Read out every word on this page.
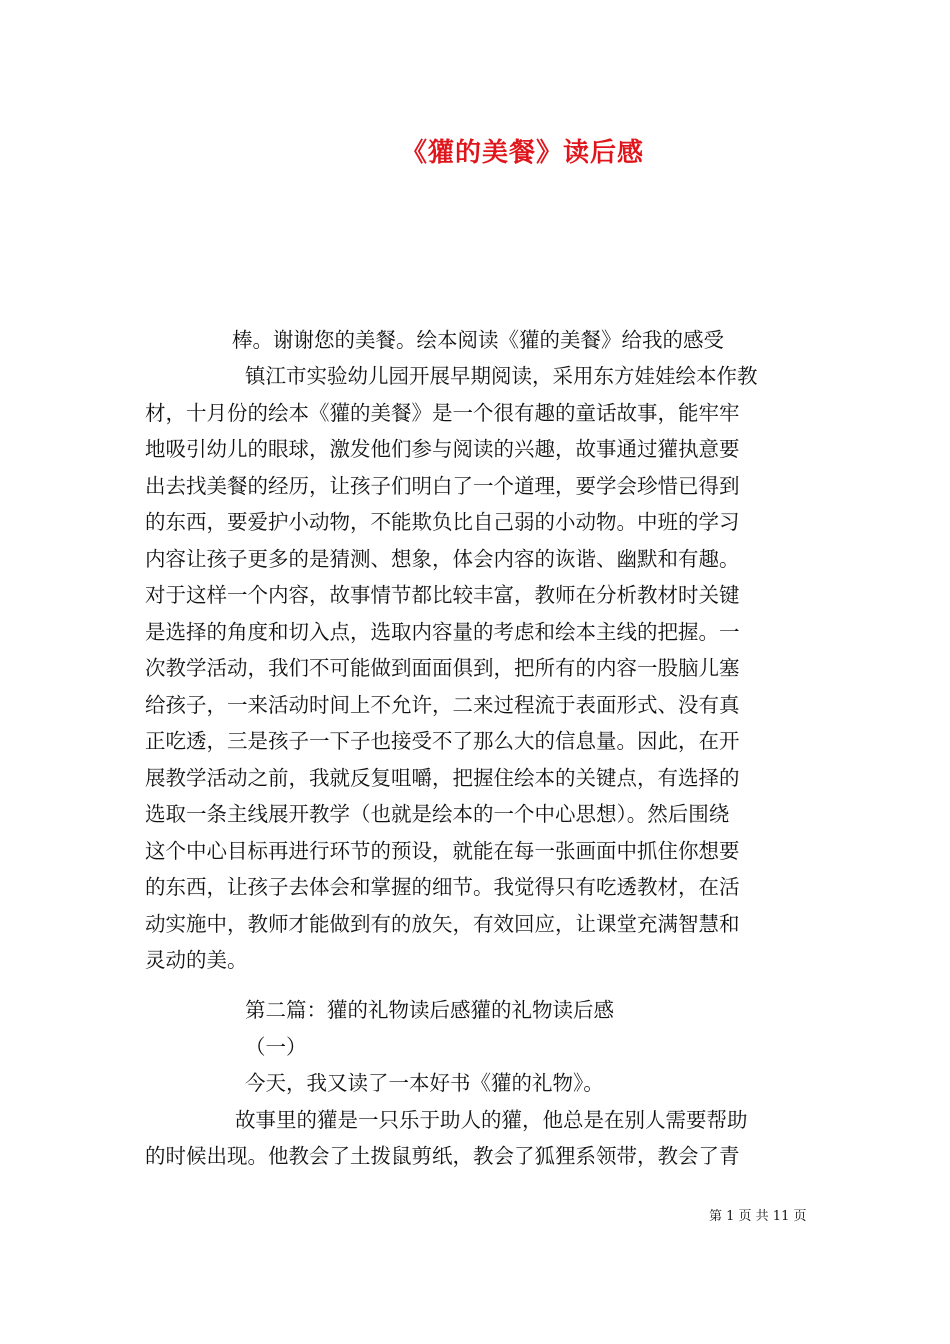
《獾的美餐》读后感
棒。谢谢您的美餐。绘本阅读《獾的美餐》给我的感受
镇江市实验幼儿园开展早期阅读，采用东方娃娃绘本作教
材，十月份的绘本《獾的美餐》是一个很有趣的童话故事，能牢牢
地吸引幼儿的眼球，激发他们参与阅读的兴趣，故事通过獾执意要
出去找美餐的经历，让孩子们明白了一个道理，要学会珍惜已得到
的东西，要爱护小动物，不能欺负比自己弱的小动物。中班的学习
内容让孩子更多的是猜测、想象，体会内容的诙谐、幽默和有趣。
对于这样一个内容，故事情节都比较丰富，教师在分析教材时关键
是选择的角度和切入点，选取内容量的考虑和绘本主线的把握。一
次教学活动，我们不可能做到面面俱到，把所有的内容一股脑儿塞
给孩子，一来活动时间上不允许，二来过程流于表面形式、没有真
正吃透，三是孩子一下子也接受不了那么大的信息量。因此，在开
展教学活动之前，我就反复咀嚼，把握住绘本的关键点，有选择的
选取一条主线展开教学（也就是绘本的一个中心思想）。然后围绕
这个中心目标再进行环节的预设，就能在每一张画面中抓住你想要
的东西，让孩子去体会和掌握的细节。我觉得只有吃透教材，在活
动实施中，教师才能做到有的放矢，有效回应，让课堂充满智慧和
灵动的美。
第二篇：獾的礼物读后感獾的礼物读后感
（一）
今天，我又读了一本好书《獾的礼物》。
故事里的獾是一只乐于助人的獾，他总是在别人需要帮助
的时候出现。他教会了土拨鼠剪纸，教会了狐狸系领带，教会了青
第 1 页 共 11 页
